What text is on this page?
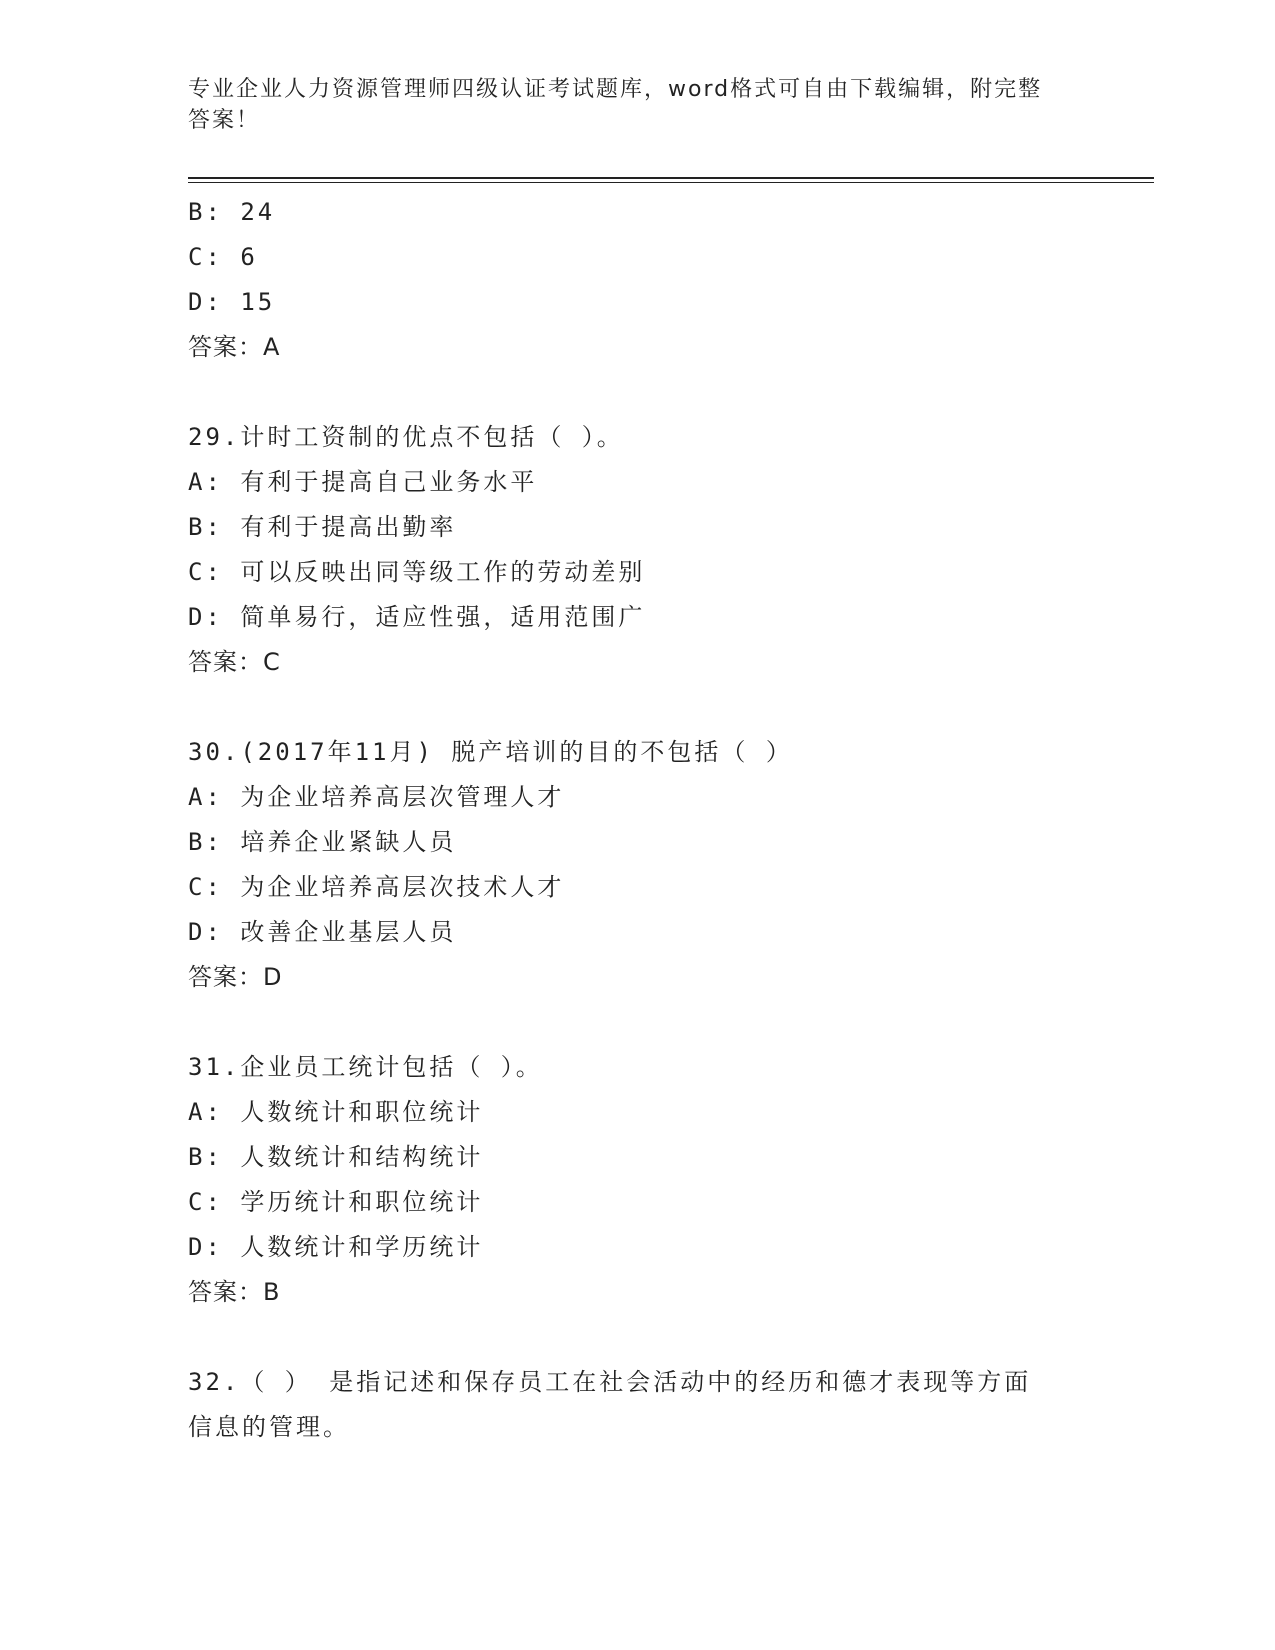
专业企业人力资源管理师四级认证考试题库，word格式可自由下载编辑，附完整
答案！
B: 24
C: 6
D: 15
答案：A
29.计时工资制的优点不包括（ ）。
A: 有利于提高自己业务水平
B: 有利于提高出勤率
C: 可以反映出同等级工作的劳动差别
D: 简单易行，适应性强，适用范围广
答案：C
30.(2017年11月) 脱产培训的目的不包括（ ）
A: 为企业培养高层次管理人才
B: 培养企业紧缺人员
C: 为企业培养高层次技术人才
D: 改善企业基层人员
答案：D
31.企业员工统计包括（ ）。
A: 人数统计和职位统计
B: 人数统计和结构统计
C: 学历统计和职位统计
D: 人数统计和学历统计
答案：B
32.（ ） 是指记述和保存员工在社会活动中的经历和德才表现等方面
信息的管理。
